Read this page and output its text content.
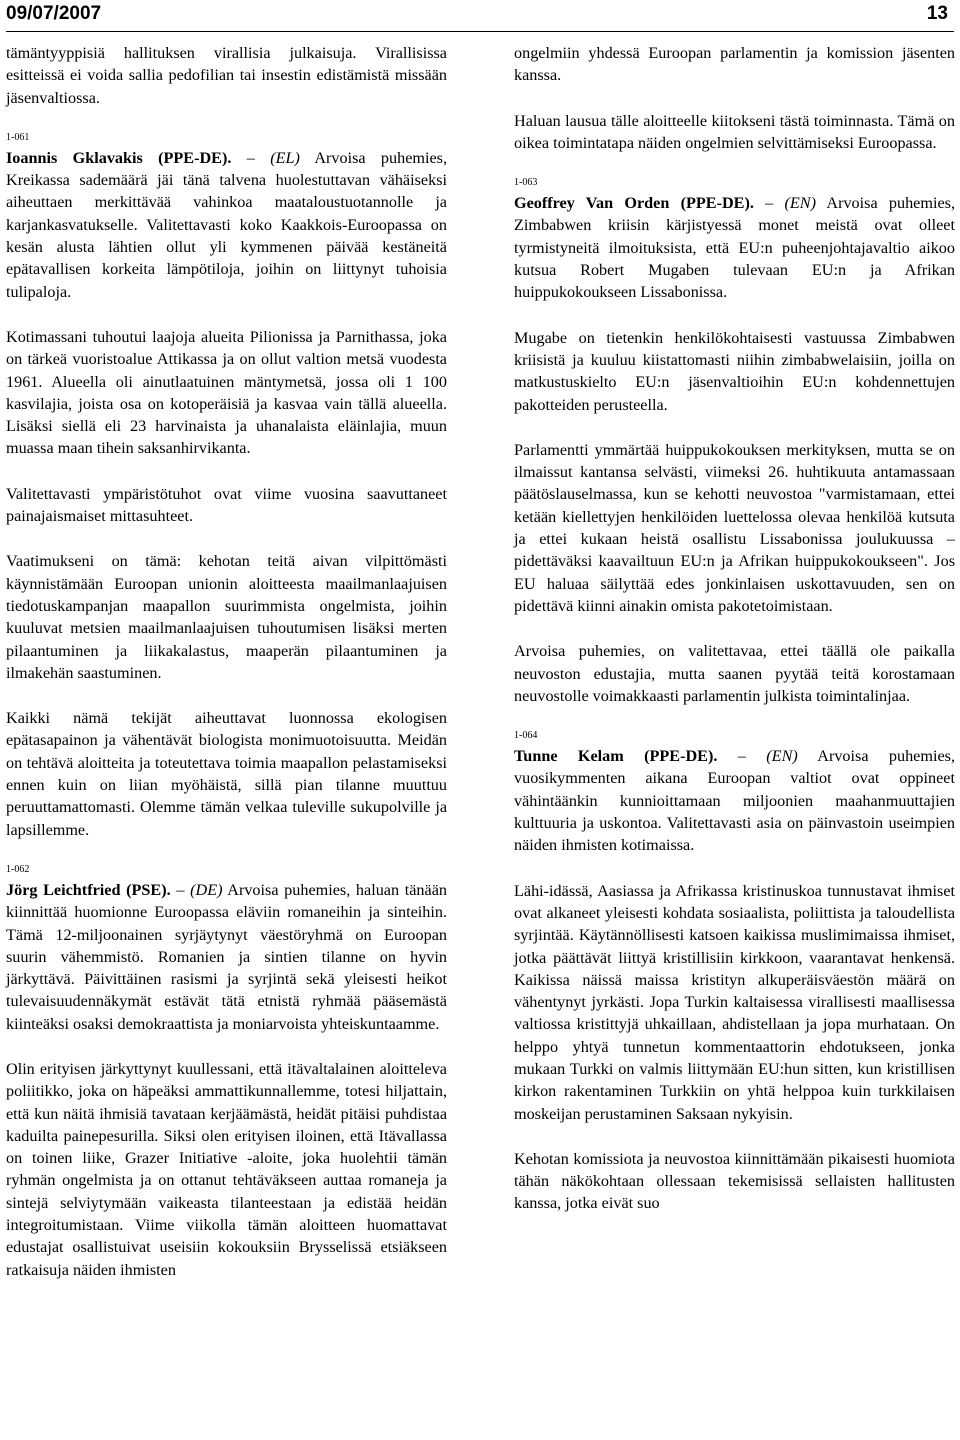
09/07/2007	13

tämäntyyppisiä hallituksen virallisia julkaisuja. Virallisissa esitteissä ei voida sallia pedofilian tai insestin edistämistä missään jäsenvaltiossa.

1-061

Ioannis Gklavakis (PPE-DE). – (EL) Arvoisa puhemies, Kreikassa sademäärä jäi tänä talvena huolestuttavan vähäiseksi aiheuttaen merkittävää vahinkoa maataloustuotannolle ja karjankasvatukselle. Valitettavasti koko Kaakkois-Euroopassa on kesän alusta lähtien ollut yli kymmenen päivää kestäneitä epätavallisen korkeita lämpötiloja, joihin on liittynyt tuhoisia tulipaloja.

Kotimassani tuhoutui laajoja alueita Pilionissa ja Parnithassa, joka on tärkeä vuoristoalue Attikassa ja on ollut valtion metsä vuodesta 1961. Alueella oli ainutlaatuinen mäntymetsä, jossa oli 1 100 kasvilajia, joista osa on kotoperäisiä ja kasvaa vain tällä alueella. Lisäksi siellä eli 23 harvinaista ja uhanalaista eläinlajia, muun muassa maan tihein saksanhirvikanta.

Valitettavasti ympäristötuhot ovat viime vuosina saavuttaneet painajaismaiset mittasuhteet.

Vaatimukseni on tämä: kehotan teitä aivan vilpittömästi käynnistämään Euroopan unionin aloitteesta maailmanlaajuisen tiedotuskampanjan maapallon suurimmista ongelmista, joihin kuuluvat metsien maailmanlaajuisen tuhoutumisen lisäksi merten pilaantuminen ja liikakalastus, maaperän pilaantuminen ja ilmakehän saastuminen.

Kaikki nämä tekijät aiheuttavat luonnossa ekologisen epätasapainon ja vähentävät biologista monimuotoisuutta. Meidän on tehtävä aloitteita ja toteutettava toimia maapallon pelastamiseksi ennen kuin on liian myöhäistä, sillä pian tilanne muuttuu peruuttamattomasti. Olemme tämän velkaa tuleville sukupolville ja lapsillemme.

1-062

Jörg Leichtfried (PSE). – (DE) Arvoisa puhemies, haluan tänään kiinnittää huomionne Euroopassa eläviin romaneihin ja sinteihin. Tämä 12-miljoonainen syrjäytynyt väestöryhmä on Euroopan suurin vähemmistö. Romanien ja sintien tilanne on hyvin järkyttävä. Päivittäinen rasismi ja syrjintä sekä yleisesti heikot tulevaisuudennäkymät estävät tätä etnistä ryhmää pääsemästä kiinteäksi osaksi demokraattista ja moniarvoista yhteiskuntaamme.

Olin erityisen järkyttynyt kuullessani, että itävaltalainen aloitteleva poliitikko, joka on häpeäksi ammattikunnallemme, totesi hiljattain, että kun näitä ihmisiä tavataan kerjäämästä, heidät pitäisi puhdistaa kaduilta painepesurilla. Siksi olen erityisen iloinen, että Itävallassa on toinen liike, Grazer Initiative -aloite, joka huolehtii tämän ryhmän ongelmista ja on ottanut tehtäväkseen auttaa romaneja ja sintejä selviytymään vaikeasta tilanteestaan ja edistää heidän integroitumistaan. Viime viikolla tämän aloitteen huomattavat edustajat osallistuivat useisiin kokouksiin Brysselissä etsiäkseen ratkaisuja näiden ihmisten

ongelmiin yhdessä Euroopan parlamentin ja komission jäsenten kanssa.

Haluan lausua tälle aloitteelle kiitokseni tästä toiminnasta. Tämä on oikea toimintatapa näiden ongelmien selvittämiseksi Euroopassa.

1-063

Geoffrey Van Orden (PPE-DE). – (EN) Arvoisa puhemies, Zimbabwen kriisin kärjistyessä monet meistä ovat olleet tyrmistyneitä ilmoituksista, että EU:n puheenjohtajavaltio aikoo kutsua Robert Mugaben tulevaan EU:n ja Afrikan huippukokoukseen Lissabonissa.

Mugabe on tietenkin henkilökohtaisesti vastuussa Zimbabwen kriisistä ja kuuluu kiistattomasti niihin zimbabwelaisiin, joilla on matkustuskielto EU:n jäsenvaltioihin EU:n kohdennettujen pakotteiden perusteella.

Parlamentti ymmärtää huippukokouksen merkityksen, mutta se on ilmaissut kantansa selvästi, viimeksi 26. huhtikuuta antamassaan päätöslauselmassa, kun se kehotti neuvostoa "varmistamaan, ettei ketään kiellettyjen henkilöiden luettelossa olevaa henkilöä kutsuta ja ettei kukaan heistä osallistu Lissabonissa joulukuussa – pidettäväksi kaavailtuun EU:n ja Afrikan huippukokoukseen". Jos EU haluaa säilyttää edes jonkinlaisen uskottavuuden, sen on pidettävä kiinni ainakin omista pakotetoimistaan.

Arvoisa puhemies, on valitettavaa, ettei täällä ole paikalla neuvoston edustajia, mutta saanen pyytää teitä korostamaan neuvostolle voimakkaasti parlamentin julkista toimintalinjaa.

1-064

Tunne Kelam (PPE-DE). – (EN) Arvoisa puhemies, vuosikymmenten aikana Euroopan valtiot ovat oppineet vähintäänkin kunnioittamaan miljoonien maahanmuuttajien kulttuuria ja uskontoa. Valitettavasti asia on päinvastoin useimpien näiden ihmisten kotimaissa.

Lähi-idässä, Aasiassa ja Afrikassa kristinuskoa tunnustavat ihmiset ovat alkaneet yleisesti kohdata sosiaalista, poliittista ja taloudellista syrjintää. Käytännöllisesti katsoen kaikissa muslimimaissa ihmiset, jotka päättävät liittyä kristillisiin kirkkoon, vaarantavat henkensä. Kaikissa näissä maissa kristityn alkuperäisväestön määrä on vähentynyt jyrkästi. Jopa Turkin kaltaisessa virallisesti maallisessa valtiossa kristittyjä uhkaillaan, ahdistellaan ja jopa murhataan. On helppo yhtyä tunnetun kommentaattorin ehdotukseen, jonka mukaan Turkki on valmis liittymään EU:hun sitten, kun kristillisen kirkon rakentaminen Turkkiin on yhtä helppoa kuin turkkilaisen moskeijan perustaminen Saksaan nykyisin.

Kehotan komissiota ja neuvostoa kiinnittämään pikaisesti huomiota tähän näkökohtaan ollessaan tekemisissä sellaisten hallitusten kanssa, jotka eivät suo
